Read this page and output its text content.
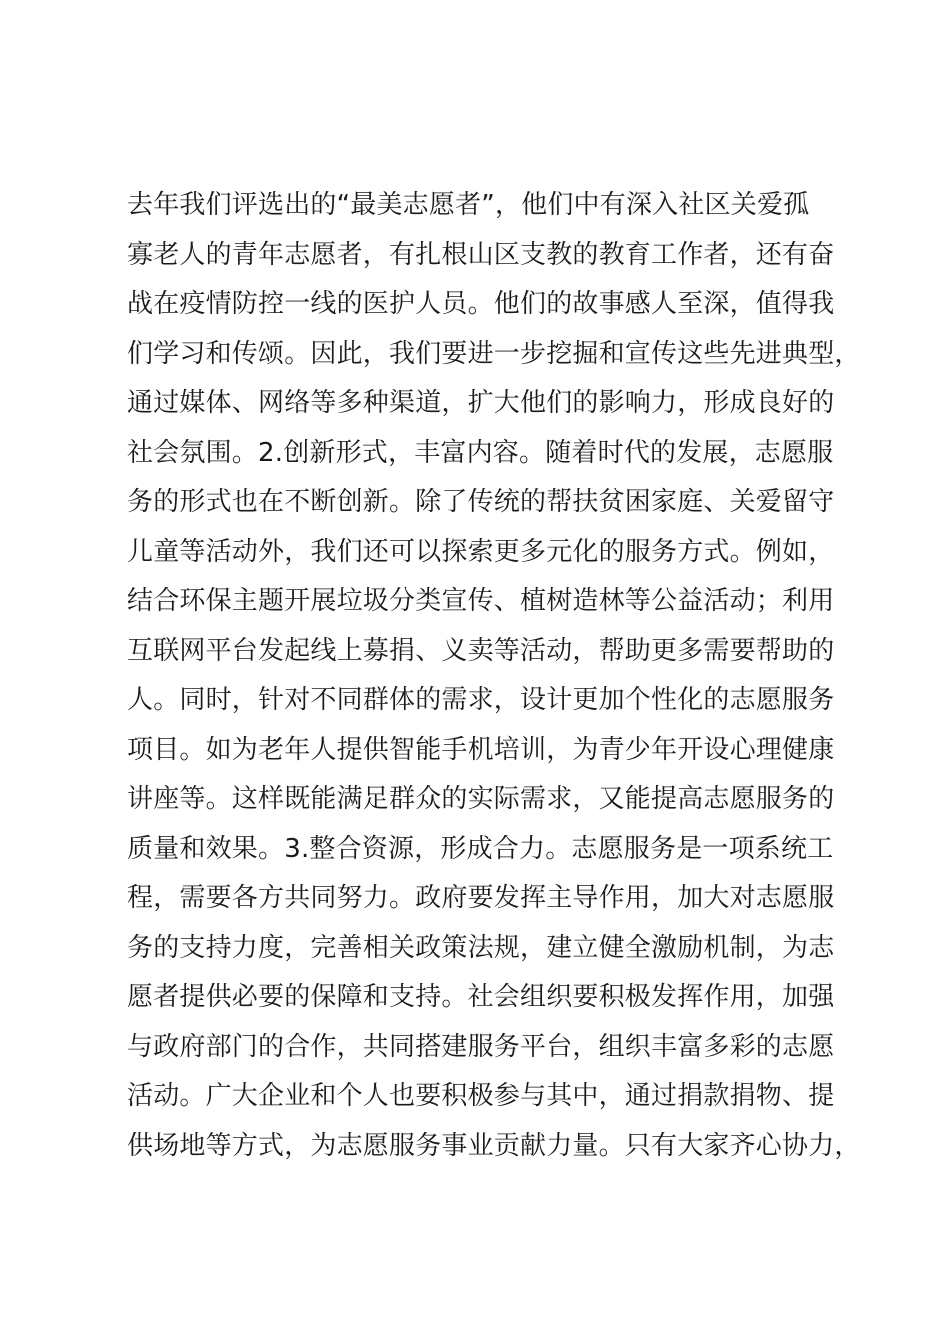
去年我们评选出的“最美志愿者”，他们中有深入社区关爱孤
寡老人的青年志愿者，有扎根山区支教的教育工作者，还有奋
战在疫情防控一线的医护人员。他们的故事感人至深，值得我
们学习和传颂。因此，我们要进一步挖掘和宣传这些先进典型，
通过媒体、网络等多种渠道，扩大他们的影响力，形成良好的
社会氛围。2.创新形式，丰富内容。随着时代的发展，志愿服
务的形式也在不断创新。除了传统的帮扶贫困家庭、关爱留守
儿童等活动外，我们还可以探索更多元化的服务方式。例如，
结合环保主题开展垃圾分类宣传、植树造林等公益活动；利用
互联网平台发起线上募捐、义卖等活动，帮助更多需要帮助的
人。同时，针对不同群体的需求，设计更加个性化的志愿服务
项目。如为老年人提供智能手机培训，为青少年开设心理健康
讲座等。这样既能满足群众的实际需求，又能提高志愿服务的
质量和效果。3.整合资源，形成合力。志愿服务是一项系统工
程，需要各方共同努力。政府要发挥主导作用，加大对志愿服
务的支持力度，完善相关政策法规，建立健全激励机制，为志
愿者提供必要的保障和支持。社会组织要积极发挥作用，加强
与政府部门的合作，共同搭建服务平台，组织丰富多彩的志愿
活动。广大企业和个人也要积极参与其中，通过捐款捐物、提
供场地等方式，为志愿服务事业贡献力量。只有大家齐心协力，
